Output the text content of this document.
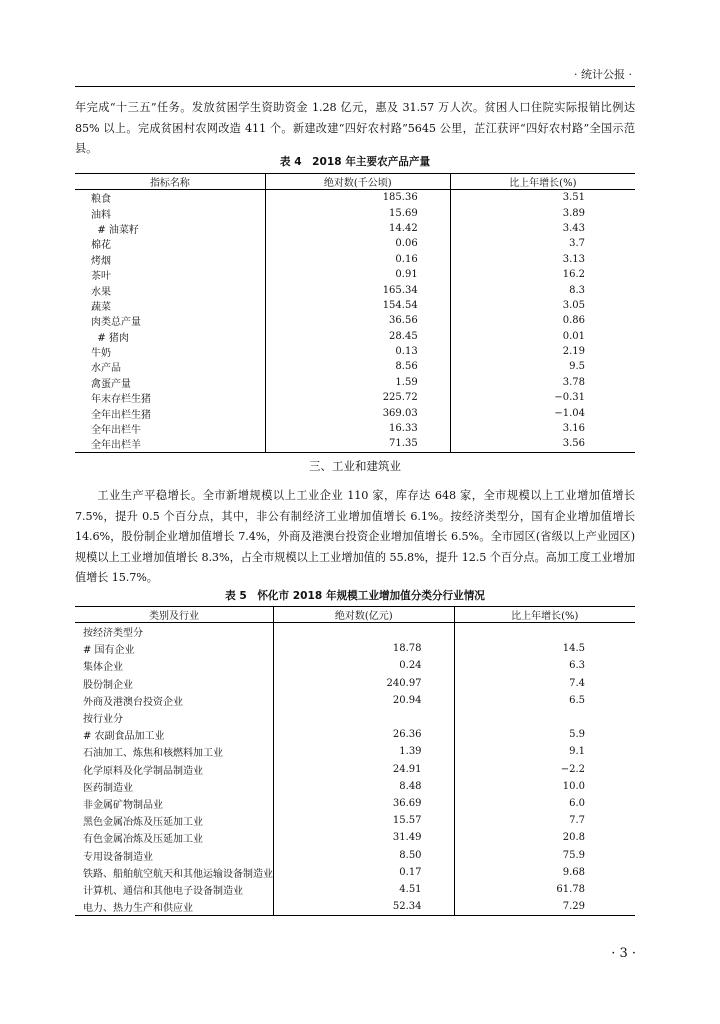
· 统计公报 ·
年完成“十三五”任务。发放贫困学生资助资金 1.28 亿元，惠及 31.57 万人次。贫困人口住院实际报销比例达 85% 以上。完成贫困村农网改造 411 个。新建改建“四好农村路”5645 公里，芷江获评“四好农村路”全国示范县。
表 4　2018 年主要农产品产量
指标名称	绝对数(千公顷)	比上年增长(%)
粮食	185.36	3.51
油料	15.69	3.89
# 油菜籽	14.42	3.43
棉花	0.06	3.7
烤烟	0.16	3.13
茶叶	0.91	16.2
水果	165.34	8.3
蔬菜	154.54	3.05
肉类总产量	36.56	0.86
# 猪肉	28.45	0.01
牛奶	0.13	2.19
水产品	8.56	9.5
禽蛋产量	1.59	3.78
年末存栏生猪	225.72	−0.31
全年出栏生猪	369.03	−1.04
全年出栏牛	16.33	3.16
全年出栏羊	71.35	3.56
三、工业和建筑业
工业生产平稳增长。全市新增规模以上工业企业 110 家，库存达 648 家，全市规模以上工业增加值增长 7.5%，提升 0.5 个百分点，其中，非公有制经济工业增加值增长 6.1%。按经济类型分，国有企业增加值增长 14.6%，股份制企业增加值增长 7.4%，外商及港澳台投资企业增加值增长 6.5%。全市园区(省级以上产业园区)规模以上工业增加值增长 8.3%，占全市规模以上工业增加值的 55.8%，提升 12.5 个百分点。高加工度工业增加值增长 15.7%。
表 5　怀化市 2018 年规模工业增加值分类分行业情况
类别及行业	绝对数(亿元)	比上年增长(%)
按经济类型分		
# 国有企业	18.78	14.5
集体企业	0.24	6.3
股份制企业	240.97	7.4
外商及港澳台投资企业	20.94	6.5
按行业分		
# 农副食品加工业	26.36	5.9
石油加工、炼焦和核燃料加工业	1.39	9.1
化学原料及化学制品制造业	24.91	−2.2
医药制造业	8.48	10.0
非金属矿物制品业	36.69	6.0
黑色金属冶炼及压延加工业	15.57	7.7
有色金属冶炼及压延加工业	31.49	20.8
专用设备制造业	8.50	75.9
铁路、船舶航空航天和其他运输设备制造业	0.17	9.68
计算机、通信和其他电子设备制造业	4.51	61.78
电力、热力生产和供应业	52.34	7.29
· 3 ·
